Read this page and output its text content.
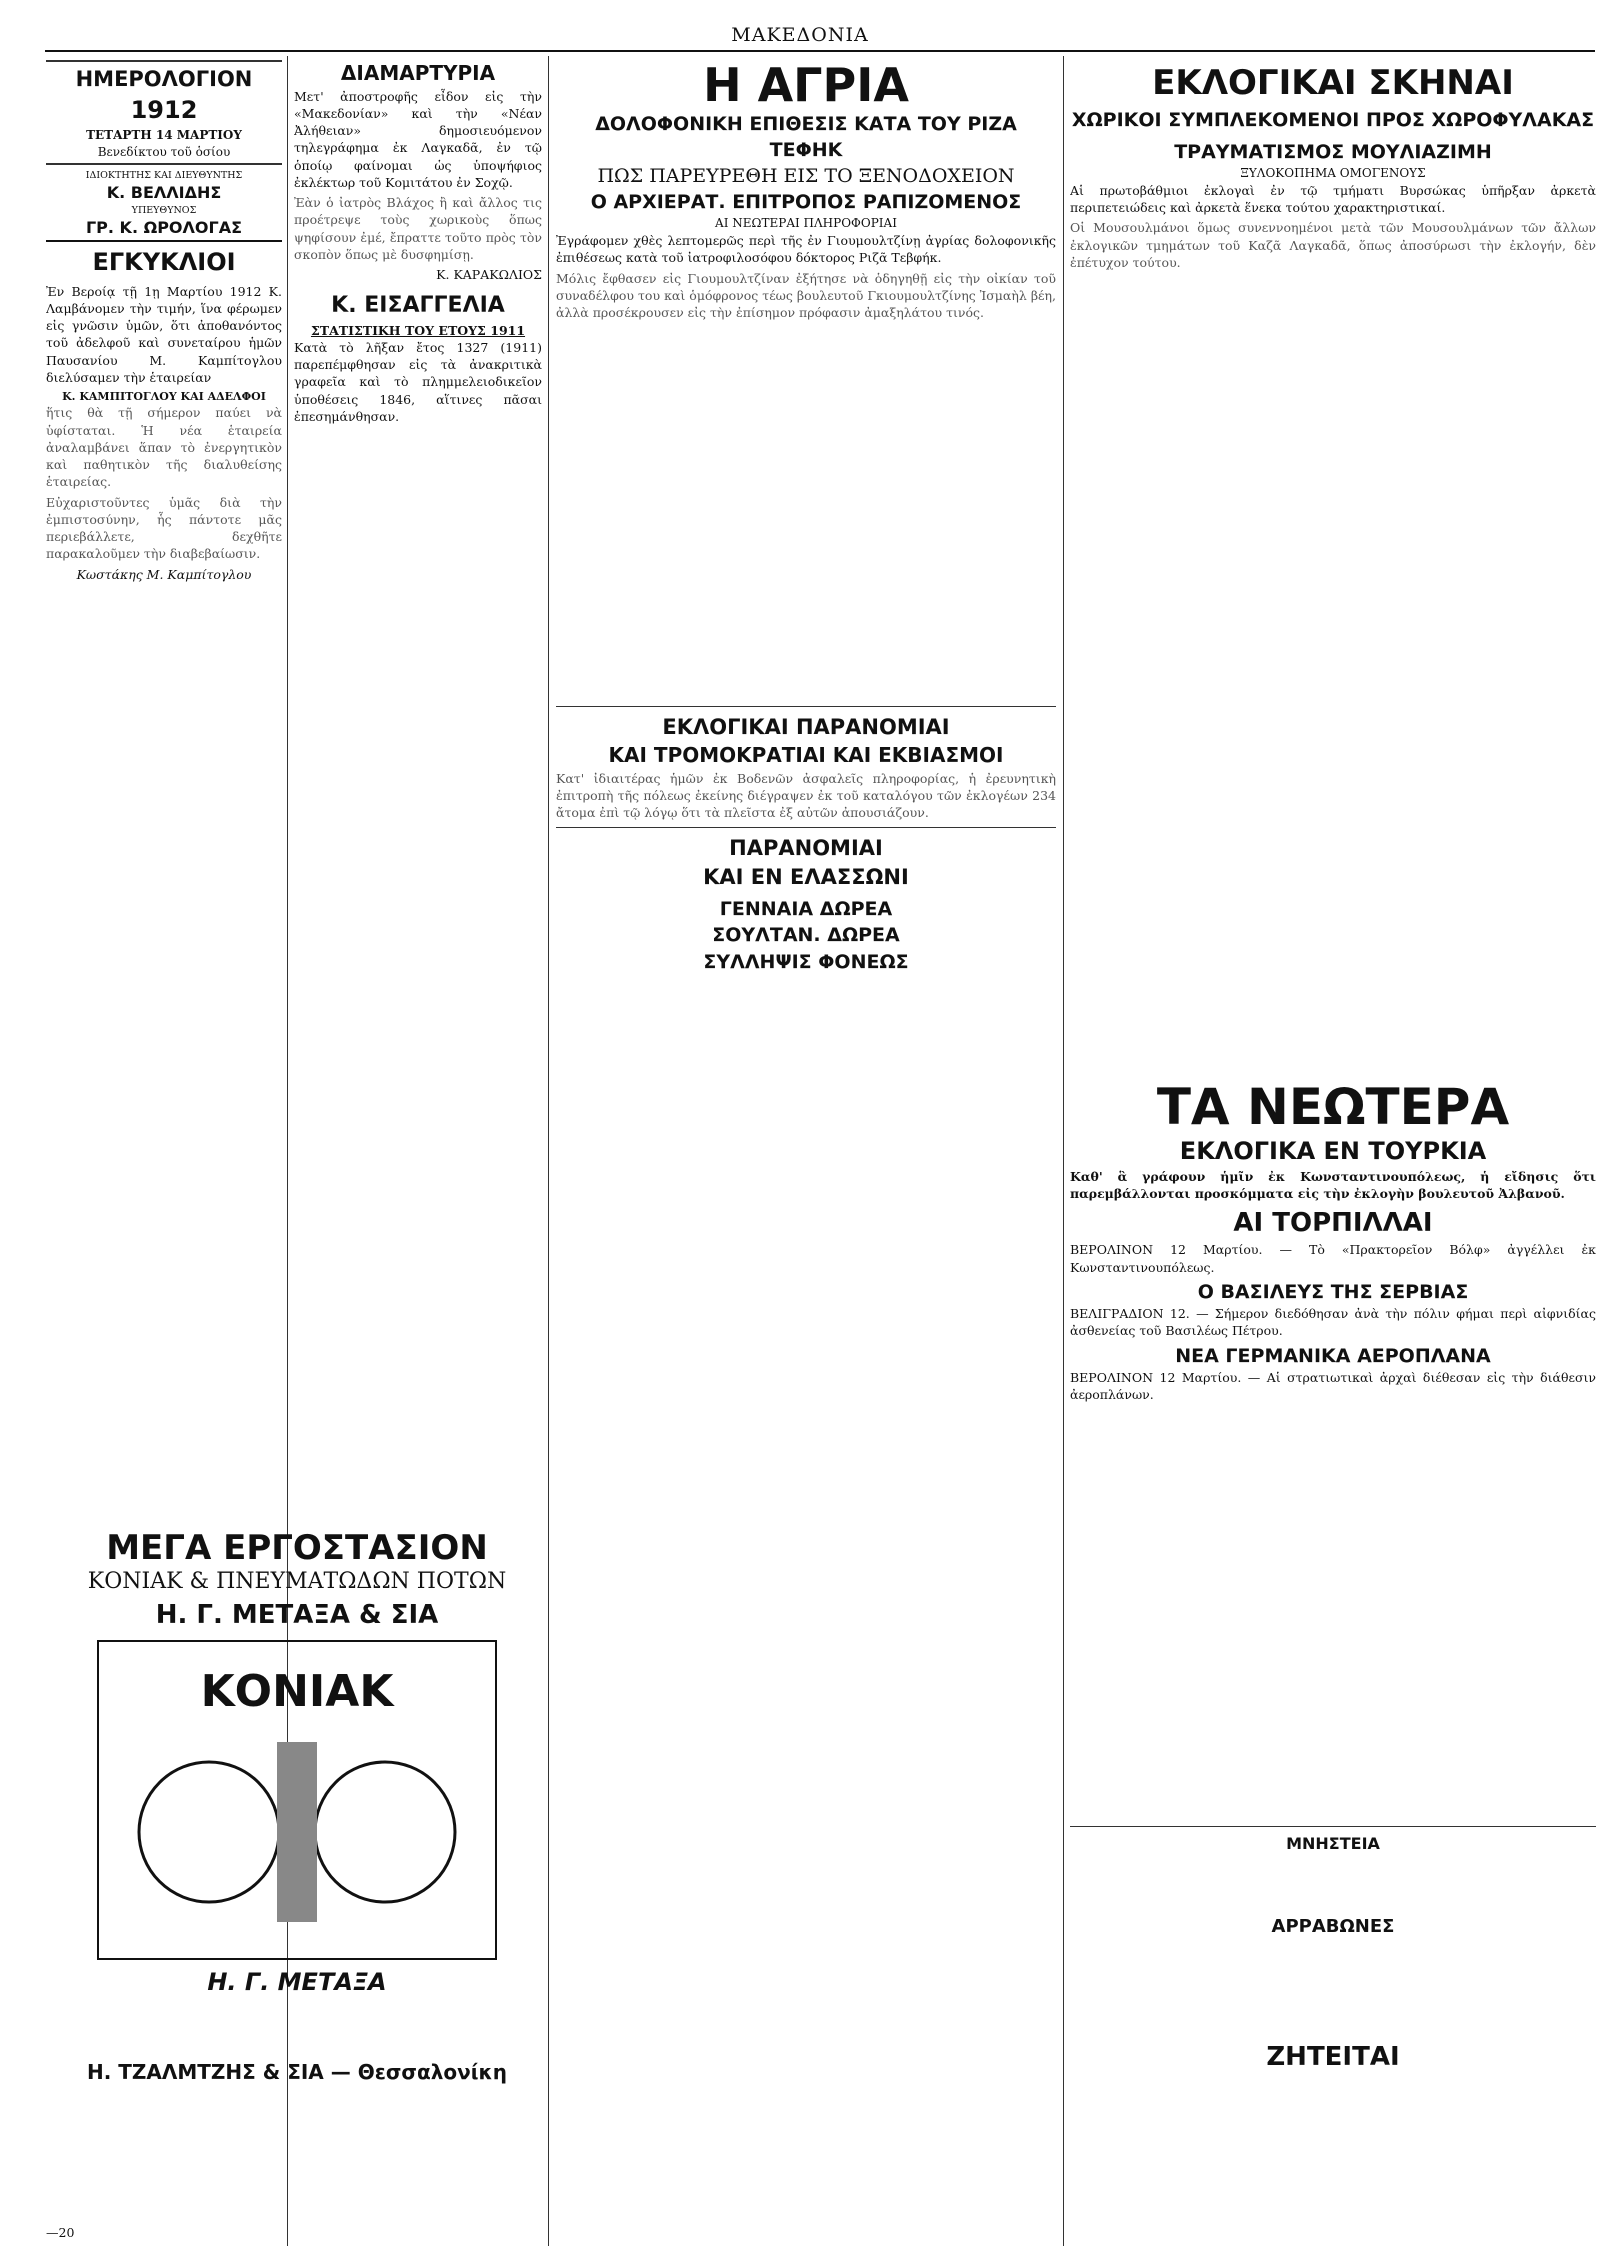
ΜΑΚΕΔΟΝΙΑ
ΗΜΕΡΟΛΟΓΙΟΝ
1912
ΤΕΤΑΡΤΗ 14 ΜΑΡΤΙΟΥ
Βενεδίκτου τοῦ ὁσίου
ΙΔΙΟΚΤΗΤΗΣ ΚΑΙ ΔΙΕΥΘΥΝΤΗΣ
Κ. ΒΕΛΛΙΔΗΣ
ΥΠΕΥΘΥΝΟΣ
ΓΡ. Κ. ΩΡΟΛΟΓΑΣ
ΕΓΚΥΚΛΙΟΙ

Ἐν Βεροίᾳ τῇ 1ῃ Μαρτίου 1912 Κ. Λαμβάνομεν τὴν τιμήν, ἵνα φέρωμεν εἰς γνῶσιν ὑμῶν, ὅτι ἀποθανόντος τοῦ ἀδελφοῦ καὶ συνεταίρου ἡμῶν Παυσανίου Μ. Καμπίτογλου διελύσαμεν τὴν ἑταιρείαν

Κ. ΚΑΜΠΙΤΟΓΛΟΥ ΚΑΙ ΑΔΕΛΦΟΙ

ἥτις θὰ τῇ σήμερον παύει νὰ ὑφίσταται. Ἡ νέα ἑταιρεία ἀναλαμβάνει ἅπαν τὸ ἐνεργητικὸν καὶ παθητικὸν τῆς διαλυθείσης ἑταιρείας.

Εὐχαριστοῦντες ὑμᾶς διὰ τὴν ἐμπιστοσύνην, ἧς πάντοτε μᾶς περιεβάλλετε, δεχθῆτε παρακαλοῦμεν τὴν διαβεβαίωσιν.

Κωστάκης Μ. Καμπίτογλου
ΔΙΑΜΑΡΤΥΡΙΑ

Μετ' ἀποστροφῆς εἶδον εἰς τὴν «Μακεδονίαν» καὶ τὴν «Νέαν Ἀλήθειαν» δημοσιευόμενον τηλεγράφημα ἐκ Λαγκαδᾶ, ἐν τῷ ὁποίῳ φαίνομαι ὡς ὑποψήφιος ἐκλέκτωρ τοῦ Κομιτάτου ἐν Σοχῷ.

Ἐὰν ὁ ἰατρὸς Βλάχος ἢ καὶ ἄλλος τις προέτρεψε τοὺς χωρικοὺς ὅπως ψηφίσουν ἐμέ, ἔπραττε τοῦτο πρὸς τὸν σκοπὸν ὅπως μὲ δυσφημίσῃ.

Κ. ΚΑΡΑΚΩΛΙΟΣ
Κ. ΕΙΣΑΓΓΕΛΙΑ
ΣΤΑΤΙΣΤΙΚΗ ΤΟΥ ΕΤΟΥΣ 1911

Κατὰ τὸ λῆξαν ἔτος 1327 (1911) παρεπέμφθησαν εἰς τὰ ἀνακριτικὰ γραφεῖα καὶ τὸ πλημμελειοδικεῖον ὑποθέσεις 1846, αἵτινες πᾶσαι ἐπεσημάνθησαν.

Η ΑΓΡΙΑ
ΔΟΛΟΦΟΝΙΚΗ ΕΠΙΘΕΣΙΣ ΚΑΤΑ ΤΟΥ ΡΙΖΑ ΤΕΦΗΚ
ΠΩΣ ΠΑΡΕΥΡΕΘΗ ΕΙΣ ΤΟ ΞΕΝΟΔΟΧΕΙΟΝ
Ο ΑΡΧΙΕΡΑΤ. ΕΠΙΤΡΟΠΟΣ ΡΑΠΙΖΟΜΕΝΟΣ
ΑΙ ΝΕΩΤΕΡΑΙ ΠΛΗΡΟΦΟΡΙΑΙ

Ἐγράφομεν χθὲς λεπτομερῶς περὶ τῆς ἐν Γιουμουλτζίνῃ ἀγρίας δολοφονικῆς ἐπιθέσεως κατὰ τοῦ ἰατροφιλοσόφου δόκτορος Ριζᾶ Τεβφήκ.

Μόλις ἔφθασεν εἰς Γιουμουλτζίναν ἐξήτησε νὰ ὁδηγηθῇ εἰς τὴν οἰκίαν τοῦ συναδέλφου του καὶ ὁμόφρονος τέως βουλευτοῦ Γκιουμουλτζίνης Ἰσμαὴλ βέη, ἀλλὰ προσέκρουσεν εἰς τὴν ἐπίσημον πρόφασιν ἀμαξηλάτου τινός.

ΕΚΛΟΓΙΚΑΙ ΣΚΗΝΑΙ
ΧΩΡΙΚΟΙ ΣΥΜΠΛΕΚΟΜΕΝΟΙ ΠΡΟΣ ΧΩΡΟΦΥΛΑΚΑΣ
ΤΡΑΥΜΑΤΙΣΜΟΣ ΜΟΥΛΙΑΖΙΜΗ
ΞΥΛΟΚΟΠΗΜΑ ΟΜΟΓΕΝΟΥΣ

Αἱ πρωτοβάθμιοι ἐκλογαὶ ἐν τῷ τμήματι Βυρσώκας ὑπῆρξαν ἀρκετὰ περιπετειώδεις καὶ ἀρκετὰ ἕνεκα τούτου χαρακτηριστικαί.

Οἱ Μουσουλμάνοι ὅμως συνεννοημένοι μετὰ τῶν Μουσουλμάνων τῶν ἄλλων ἐκλογικῶν τμημάτων τοῦ Καζᾶ Λαγκαδᾶ, ὅπως ἀποσύρωσι τὴν ἐκλογήν, δὲν ἐπέτυχον τούτου.

ΕΚΛΟΓΙΚΑΙ ΠΑΡΑΝΟΜΙΑΙ
ΚΑΙ ΤΡΟΜΟΚΡΑΤΙΑΙ ΚΑΙ ΕΚΒΙΑΣΜΟΙ

Κατ' ἰδιαιτέρας ἡμῶν ἐκ Βοδενῶν ἀσφαλεῖς πληροφορίας, ἡ ἐρευνητικὴ ἐπιτροπὴ τῆς πόλεως ἐκείνης διέγραψεν ἐκ τοῦ καταλόγου τῶν ἐκλογέων 234 ἄτομα ἐπὶ τῷ λόγῳ ὅτι τὰ πλεῖστα ἐξ αὐτῶν ἀπουσιάζουν.

ΠΑΡΑΝΟΜΙΑΙ
ΚΑΙ ΕΝ ΕΛΑΣΣΩΝΙ
ΓΕΝΝΑΙΑ ΔΩΡΕΑ
ΣΟΥΛΤΑΝ. ΔΩΡΕΑ
ΣΥΛΛΗΨΙΣ ΦΟΝΕΩΣ
ΤΑ ΝΕΩΤΕΡΑ
ΕΚΛΟΓΙΚΑ ΕΝ ΤΟΥΡΚΙΑ

Καθ' ἃ γράφουν ἡμῖν ἐκ Κωνσταντινουπόλεως, ἡ εἴδησις ὅτι παρεμβάλλονται προσκόμματα εἰς τὴν ἐκλογὴν βουλευτοῦ Ἀλβανοῦ.

ΑΙ ΤΟΡΠΙΛΛΑΙ

ΒΕΡΟΛΙΝΟΝ 12 Μαρτίου. — Τὸ «Πρακτορεῖον Βόλφ» ἀγγέλλει ἐκ Κωνσταντινουπόλεως.

Ο ΒΑΣΙΛΕΥΣ ΤΗΣ ΣΕΡΒΙΑΣ

ΒΕΛΙΓΡΑΔΙΟΝ 12. — Σήμερον διεδόθησαν ἀνὰ τὴν πόλιν φήμαι περὶ αἰφνιδίας ἀσθενείας τοῦ Βασιλέως Πέτρου.

ΝΕΑ ΓΕΡΜΑΝΙΚΑ ΑΕΡΟΠΛΑΝΑ

ΒΕΡΟΛΙΝΟΝ 12 Μαρτίου. — Αἱ στρατιωτικαὶ ἀρχαὶ διέθεσαν εἰς τὴν διάθεσιν ἀεροπλάνων.

ΜΝΗΣΤΕΙΑ
ΑΡΡΑΒΩΝΕΣ
ΖΗΤΕΙΤΑΙ
ΜΕΓΑ ΕΡΓΟΣΤΑΣΙΟΝ
ΚΟΝΙΑΚ & ΠΝΕΥΜΑΤΩΔΩΝ ΠΟΤΩΝ
Η. Γ. ΜΕΤΑΞΑ & ΣΙΑ
ΚΟΝΙΑΚ
Η. Γ. ΜΕΤΑΞΑ
Η. ΤΖΑΛΜΤΖΗΣ & ΣΙΑ — Θεσσαλονίκη
—20
